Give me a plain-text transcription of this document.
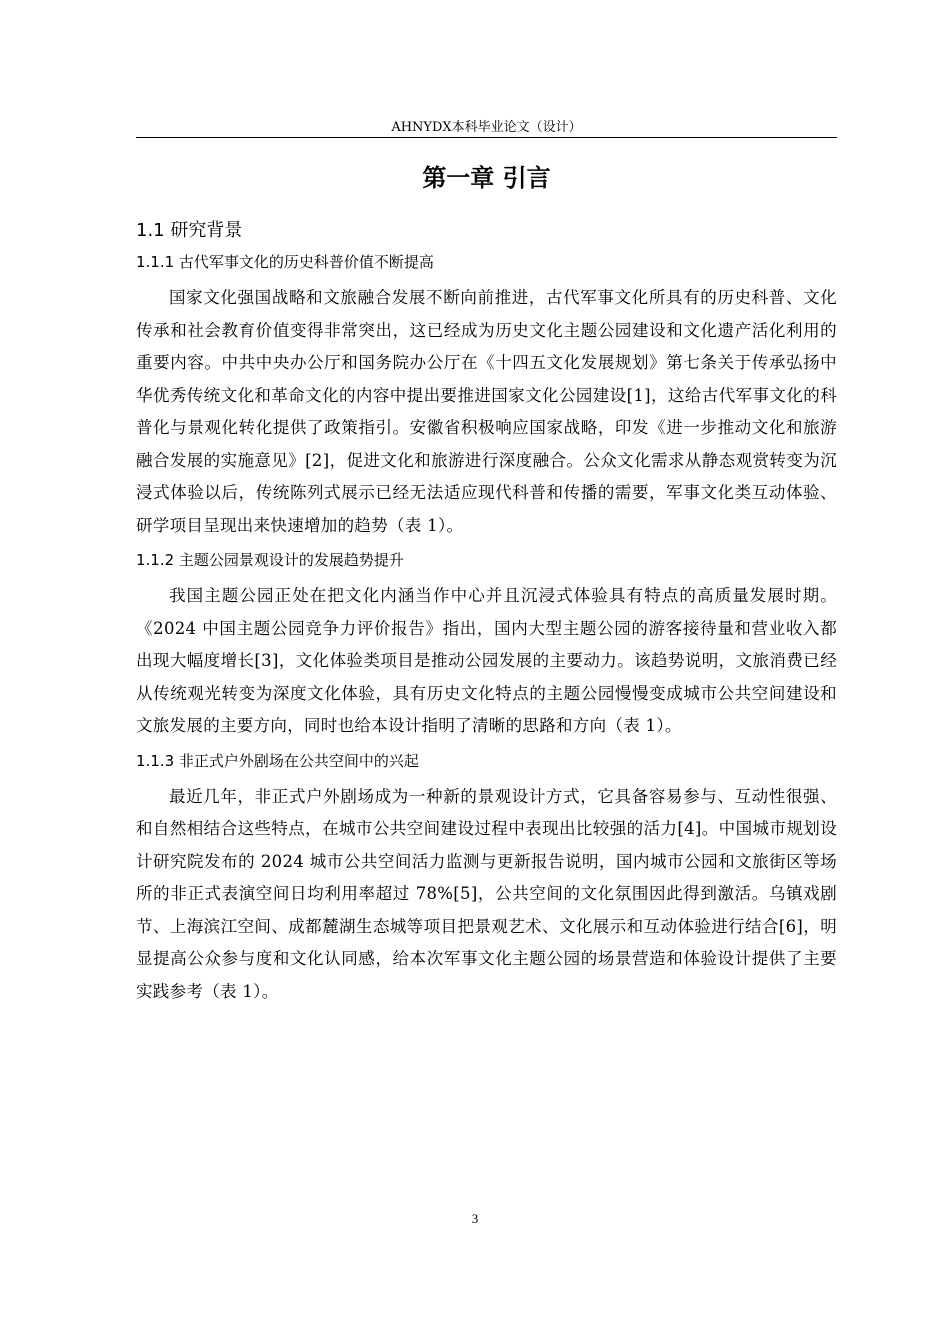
AHNYDX本科毕业论文（设计）
第一章 引言
1.1 研究背景
1.1.1 古代军事文化的历史科普价值不断提高

国家文化强国战略和文旅融合发展不断向前推进，古代军事文化所具有的历史科普、文化传承和社会教育价值变得非常突出，这已经成为历史文化主题公园建设和文化遗产活化利用的重要内容。中共中央办公厅和国务院办公厅在《十四五文化发展规划》第七条关于传承弘扬中华优秀传统文化和革命文化的内容中提出要推进国家文化公园建设[1]，这给古代军事文化的科普化与景观化转化提供了政策指引。安徽省积极响应国家战略，印发《进一步推动文化和旅游融合发展的实施意见》[2]，促进文化和旅游进行深度融合。公众文化需求从静态观赏转变为沉浸式体验以后，传统陈列式展示已经无法适应现代科普和传播的需要，军事文化类互动体验、研学项目呈现出来快速增加的趋势（表 1）。

1.1.2 主题公园景观设计的发展趋势提升

我国主题公园正处在把文化内涵当作中心并且沉浸式体验具有特点的高质量发展时期。《2024 中国主题公园竞争力评价报告》指出，国内大型主题公园的游客接待量和营业收入都出现大幅度增长[3]，文化体验类项目是推动公园发展的主要动力。该趋势说明，文旅消费已经从传统观光转变为深度文化体验，具有历史文化特点的主题公园慢慢变成城市公共空间建设和文旅发展的主要方向，同时也给本设计指明了清晰的思路和方向（表 1）。

1.1.3 非正式户外剧场在公共空间中的兴起

最近几年，非正式户外剧场成为一种新的景观设计方式，它具备容易参与、互动性很强、和自然相结合这些特点，在城市公共空间建设过程中表现出比较强的活力[4]。中国城市规划设计研究院发布的 2024 城市公共空间活力监测与更新报告说明，国内城市公园和文旅街区等场所的非正式表演空间日均利用率超过 78%[5]，公共空间的文化氛围因此得到激活。乌镇戏剧节、上海滨江空间、成都麓湖生态城等项目把景观艺术、文化展示和互动体验进行结合[6]，明显提高公众参与度和文化认同感，给本次军事文化主题公园的场景营造和体验设计提供了主要实践参考（表 1）。

3
